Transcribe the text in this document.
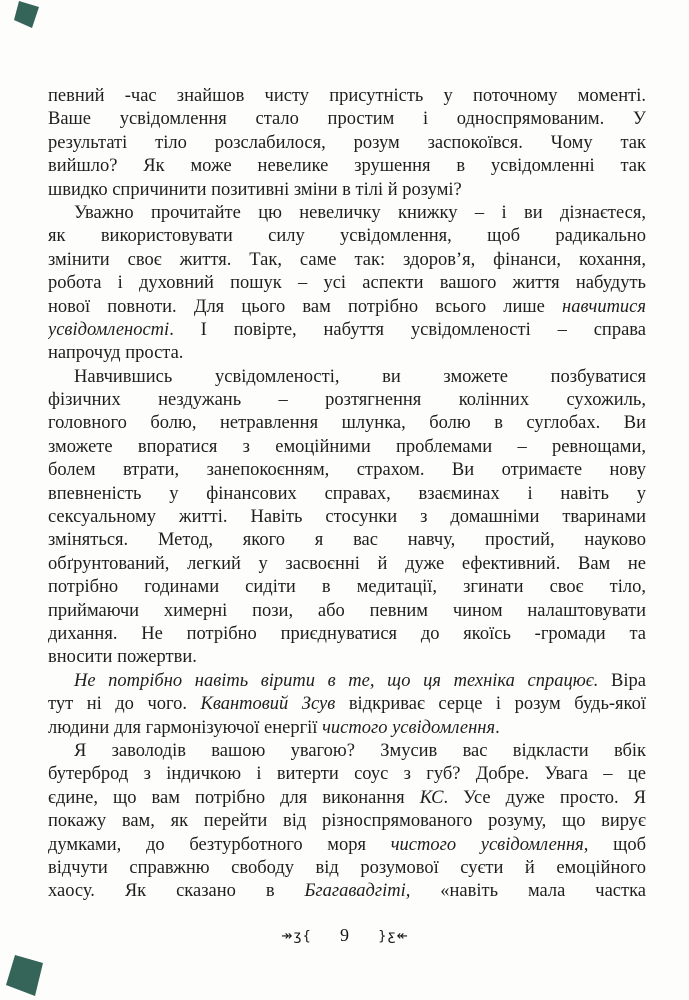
певний -час знайшов чисту присутність у поточному моменті.
Ваше усвідомлення стало простим і односпрямованим. У
результаті тіло розслабилося, розум заспокоївся. Чому так
вийшло? Як може невелике зрушення в усвідомленні так
швидко спричинити позитивні зміни в тілі й розумі?
Уважно прочитайте цю невеличку книжку – і ви дізнаєтеся,
як використовувати силу усвідомлення, щоб радикально
змінити своє життя. Так, саме так: здоров’я, фінанси, кохання,
робота і духовний пошук – усі аспекти вашого життя набудуть
нової повноти. Для цього вам потрібно всього лише навчитися
усвідомленості. І повірте, набуття усвідомленості – справа
напрочуд проста.
Навчившись усвідомленості, ви зможете позбуватися
фізичних нездужань – розтягнення колінних сухожиль,
головного болю, нетравлення шлунка, болю в суглобах. Ви
зможете впоратися з емоційними проблемами – ревнощами,
болем втрати, занепокоєнням, страхом. Ви отримаєте нову
впевненість у фінансових справах, взаєминах і навіть у
сексуальному житті. Навіть стосунки з домашніми тваринами
зміняться. Метод, якого я вас навчу, простий, науково
обґрунтований, легкий у засвоєнні й дуже ефективний. Вам не
потрібно годинами сидіти в медитації, згинати своє тіло,
приймаючи химерні пози, або певним чином налаштовувати
дихання. Не потрібно приєднуватися до якоїсь -громади та
вносити пожертви.
Не потрібно навіть вірити в те, що ця техніка спрацює. Віра
тут ні до чого. Квантовий Зсув відкриває серце і розум будь-якої
людини для гармонізуючої енергії чистого усвідомлення.
Я заволодів вашою увагою? Змусив вас відкласти вбік
бутерброд з індичкою і витерти соус з губ? Добре. Увага – це
єдине, що вам потрібно для виконання КС. Усе дуже просто. Я
покажу вам, як перейти від різноспрямованого розуму, що вирує
думками, до безтурботного моря чистого усвідомлення, щоб
відчути справжню свободу від розумової суєти й емоційного
хаосу. Як сказано в Бгагавадгіті, «навіть мала частка
↠ʒ{ 9 ↠ʒ{
